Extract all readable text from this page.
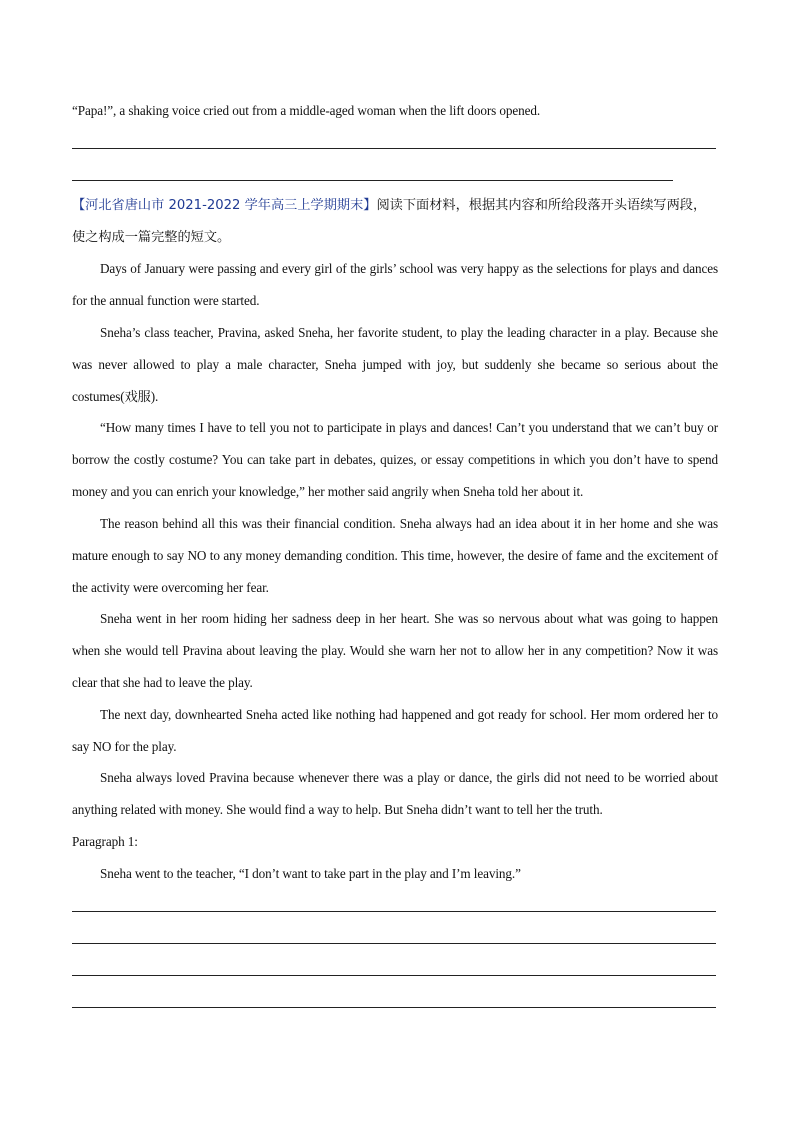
“Papa!”, a shaking voice cried out from a middle-aged woman when the lift doors opened.

【河北省唐山市 2021-2022 学年高三上学期期末】阅读下面材料，根据其内容和所给段落开头语续写两段，
使之构成一篇完整的短文。

Days of January were passing and every girl of the girls’ school was very happy as the selections for plays and dances for the annual function were started.

Sneha’s class teacher, Pravina, asked Sneha, her favorite student, to play the leading character in a play. Because she was never allowed to play a male character, Sneha jumped with joy, but suddenly she became so serious about the costumes(戏服).

“How many times I have to tell you not to participate in plays and dances! Can’t you understand that we can’t buy or borrow the costly costume? You can take part in debates, quizes, or essay competitions in which you don’t have to spend money and you can enrich your knowledge,” her mother said angrily when Sneha told her about it.

The reason behind all this was their financial condition. Sneha always had an idea about it in her home and she was mature enough to say NO to any money demanding condition. This time, however, the desire of fame and the excitement of the activity were overcoming her fear.

Sneha went in her room hiding her sadness deep in her heart. She was so nervous about what was going to happen when she would tell Pravina about leaving the play. Would she warn her not to allow her in any competition? Now it was clear that she had to leave the play.

The next day, downhearted Sneha acted like nothing had happened and got ready for school. Her mom ordered her to say NO for the play.

Sneha always loved Pravina because whenever there was a play or dance, the girls did not need to be worried about anything related with money. She would find a way to help. But Sneha didn’t want to tell her the truth.

Paragraph 1:

Sneha went to the teacher, “I don’t want to take part in the play and I’m leaving.”
